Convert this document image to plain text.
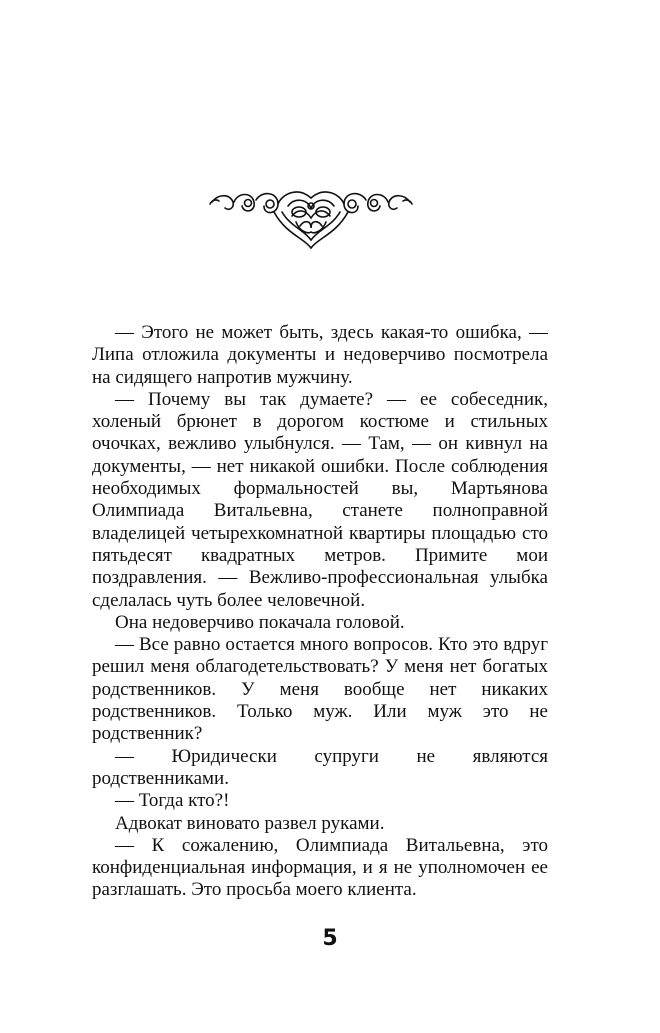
— Этого не может быть, здесь какая-то ошибка, — Липа отложила документы и недоверчиво посмотрела на сидящего напротив мужчину.

— Почему вы так думаете? — ее собеседник, холеный брюнет в дорогом костюме и стильных очочках, вежливо улыбнулся. — Там, — он кивнул на документы, — нет никакой ошибки. После соблюдения необходимых формальностей вы, Мартьянова Олимпиада Витальевна, станете полноправной владелицей четырехкомнатной квартиры площадью сто пятьдесят квадратных метров. Примите мои поздравления. — Вежливо-профессиональная улыбка сделалась чуть более человечной.

Она недоверчиво покачала головой.

— Все равно остается много вопросов. Кто это вдруг решил меня облагодетельствовать? У меня нет богатых родственников. У меня вообще нет никаких родственников. Только муж. Или муж это не родственник?

— Юридически супруги не являются родственниками.

— Тогда кто?!

Адвокат виновато развел руками.

— К сожалению, Олимпиада Витальевна, это конфиденциальная информация, и я не уполномочен ее разглашать. Это просьба моего клиента.

5
